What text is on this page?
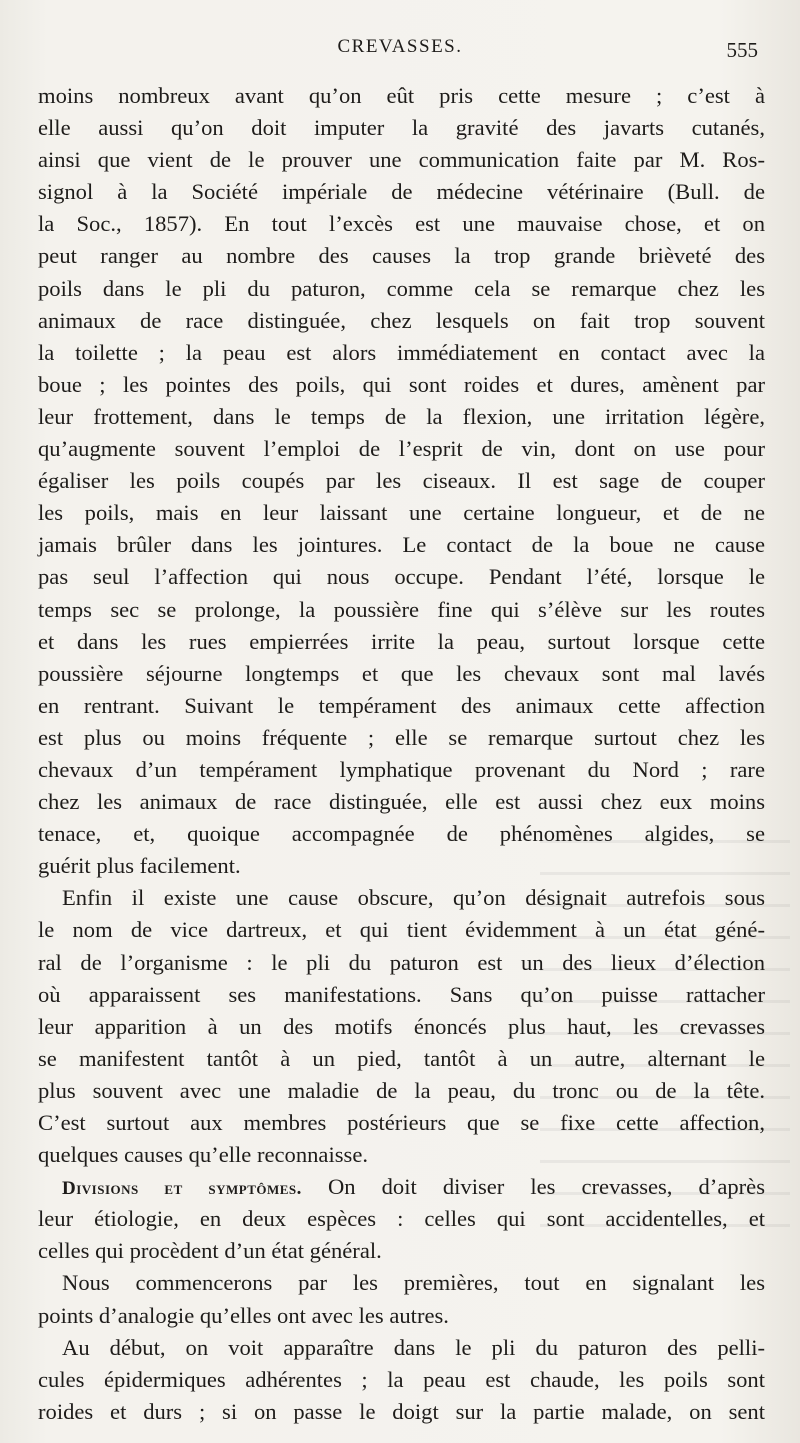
CREVASSES.	555
moins nombreux avant qu’on eût pris cette mesure ; c’est à
elle aussi qu’on doit imputer la gravité des javarts cutanés,
ainsi que vient de le prouver une communication faite par M. Ros-
signol à la Société impériale de médecine vétérinaire (Bull. de
la Soc., 1857). En tout l’excès est une mauvaise chose, et on
peut ranger au nombre des causes la trop grande brièveté des
poils dans le pli du paturon, comme cela se remarque chez les
animaux de race distinguée, chez lesquels on fait trop souvent
la toilette ; la peau est alors immédiatement en contact avec la
boue ; les pointes des poils, qui sont roides et dures, amènent par
leur frottement, dans le temps de la flexion, une irritation légère,
qu’augmente souvent l’emploi de l’esprit de vin, dont on use pour
égaliser les poils coupés par les ciseaux. Il est sage de couper
les poils, mais en leur laissant une certaine longueur, et de ne
jamais brûler dans les jointures. Le contact de la boue ne cause
pas seul l’affection qui nous occupe. Pendant l’été, lorsque le
temps sec se prolonge, la poussière fine qui s’élève sur les routes
et dans les rues empierrées irrite la peau, surtout lorsque cette
poussière séjourne longtemps et que les chevaux sont mal lavés
en rentrant. Suivant le tempérament des animaux cette affection
est plus ou moins fréquente ; elle se remarque surtout chez les
chevaux d’un tempérament lymphatique provenant du Nord ; rare
chez les animaux de race distinguée, elle est aussi chez eux moins
tenace, et, quoique accompagnée de phénomènes algides, se
guérit plus facilement.
Enfin il existe une cause obscure, qu’on désignait autrefois sous
le nom de vice dartreux, et qui tient évidemment à un état géné-
ral de l’organisme : le pli du paturon est un des lieux d’élection
où apparaissent ses manifestations. Sans qu’on puisse rattacher
leur apparition à un des motifs énoncés plus haut, les crevasses
se manifestent tantôt à un pied, tantôt à un autre, alternant le
plus souvent avec une maladie de la peau, du tronc ou de la tête.
C’est surtout aux membres postérieurs que se fixe cette affection,
quelques causes qu’elle reconnaisse.
Divisions et symptômes. On doit diviser les crevasses, d’après
leur étiologie, en deux espèces : celles qui sont accidentelles, et
celles qui procèdent d’un état général.
Nous commencerons par les premières, tout en signalant les
points d’analogie qu’elles ont avec les autres.
Au début, on voit apparaître dans le pli du paturon des pelli-
cules épidermiques adhérentes ; la peau est chaude, les poils sont
roides et durs ; si on passe le doigt sur la partie malade, on sent
